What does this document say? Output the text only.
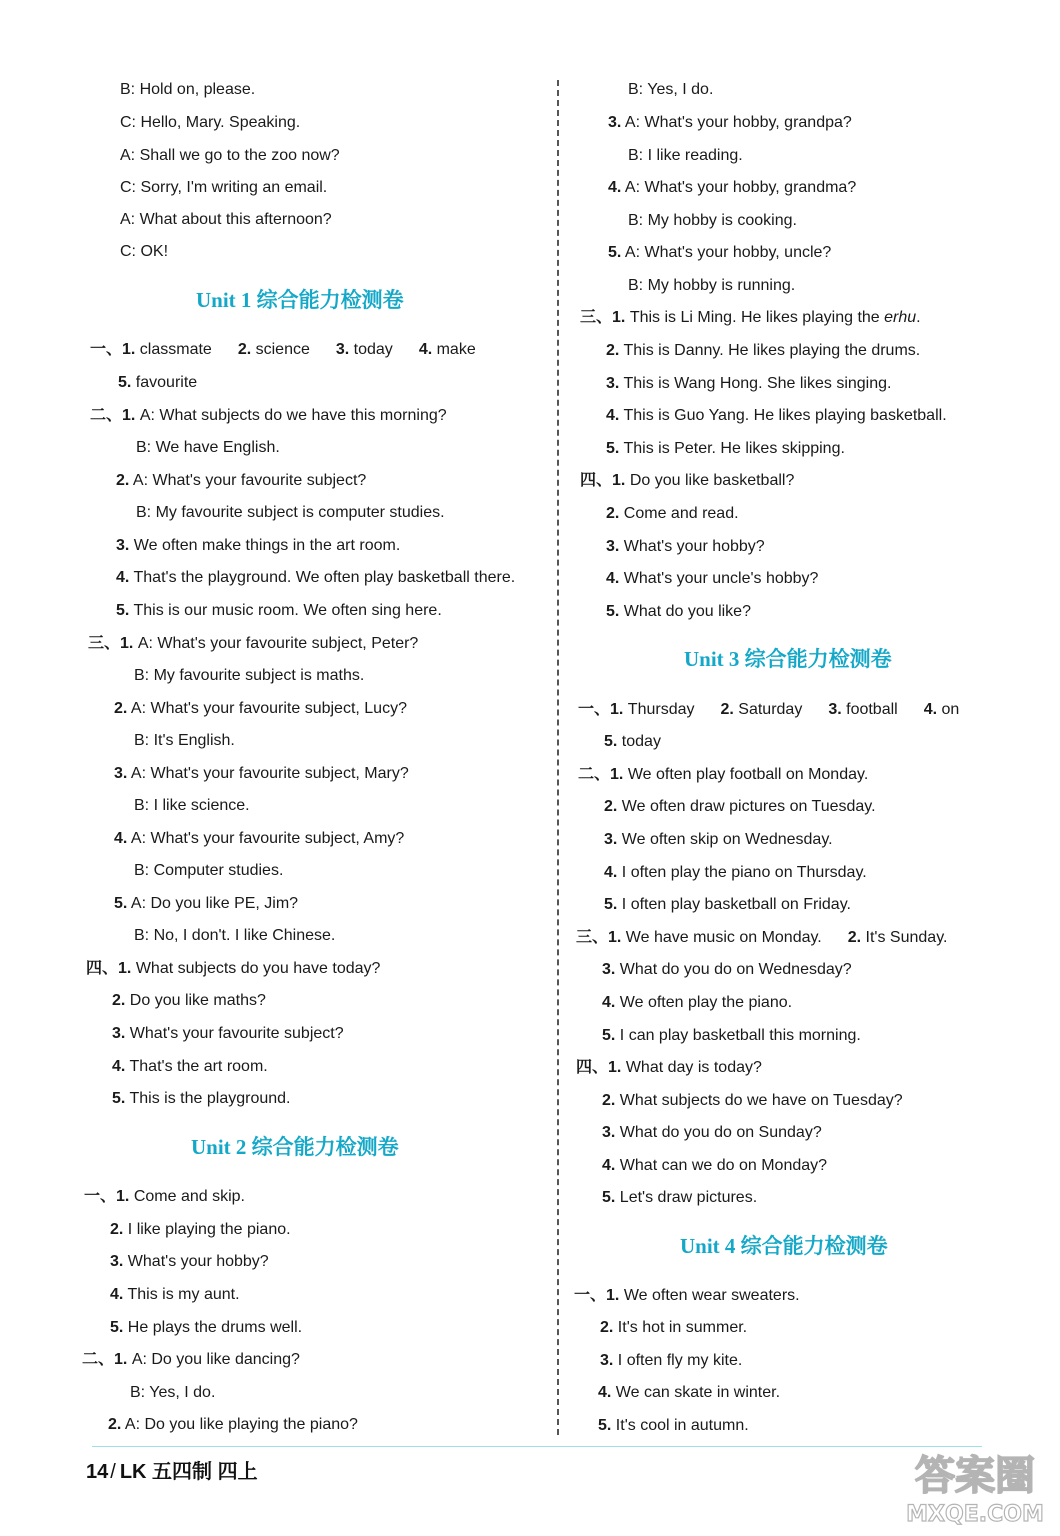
B: Hold on, please.
C: Hello, Mary. Speaking.
A: Shall we go to the zoo now?
C: Sorry, I'm writing an email.
A: What about this afternoon?
C: OK!
Unit 1 综合能力检测卷
一、1. classmate 2. science 3. today 4. make
5. favourite
二、1. A: What subjects do we have this morning?
B: We have English.
2. A: What's your favourite subject?
B: My favourite subject is computer studies.
3. We often make things in the art room.
4. That's the playground. We often play basketball there.
5. This is our music room. We often sing here.
三、1. A: What's your favourite subject, Peter?
B: My favourite subject is maths.
2. A: What's your favourite subject, Lucy?
B: It's English.
3. A: What's your favourite subject, Mary?
B: I like science.
4. A: What's your favourite subject, Amy?
B: Computer studies.
5. A: Do you like PE, Jim?
B: No, I don't. I like Chinese.
四、1. What subjects do you have today?
2. Do you like maths?
3. What's your favourite subject?
4. That's the art room.
5. This is the playground.
Unit 2 综合能力检测卷
一、1. Come and skip.
2. I like playing the piano.
3. What's your hobby?
4. This is my aunt.
5. He plays the drums well.
二、1. A: Do you like dancing?
B: Yes, I do.
2. A: Do you like playing the piano?
B: Yes, I do.
3. A: What's your hobby, grandpa?
B: I like reading.
4. A: What's your hobby, grandma?
B: My hobby is cooking.
5. A: What's your hobby, uncle?
B: My hobby is running.
三、1. This is Li Ming. He likes playing the erhu.
2. This is Danny. He likes playing the drums.
3. This is Wang Hong. She likes singing.
4. This is Guo Yang. He likes playing basketball.
5. This is Peter. He likes skipping.
四、1. Do you like basketball?
2. Come and read.
3. What's your hobby?
4. What's your uncle's hobby?
5. What do you like?
Unit 3 综合能力检测卷
一、1. Thursday 2. Saturday 3. football 4. on
5. today
二、1. We often play football on Monday.
2. We often draw pictures on Tuesday.
3. We often skip on Wednesday.
4. I often play the piano on Thursday.
5. I often play basketball on Friday.
三、1. We have music on Monday. 2. It's Sunday.
3. What do you do on Wednesday?
4. We often play the piano.
5. I can play basketball this morning.
四、1. What day is today?
2. What subjects do we have on Tuesday?
3. What do you do on Sunday?
4. What can we do on Monday?
5. Let's draw pictures.
Unit 4 综合能力检测卷
一、1. We often wear sweaters.
2. It's hot in summer.
3. I often fly my kite.
4. We can skate in winter.
5. It's cool in autumn.
14 / LK 五四制 四上	答案圈
MXQE.COM
